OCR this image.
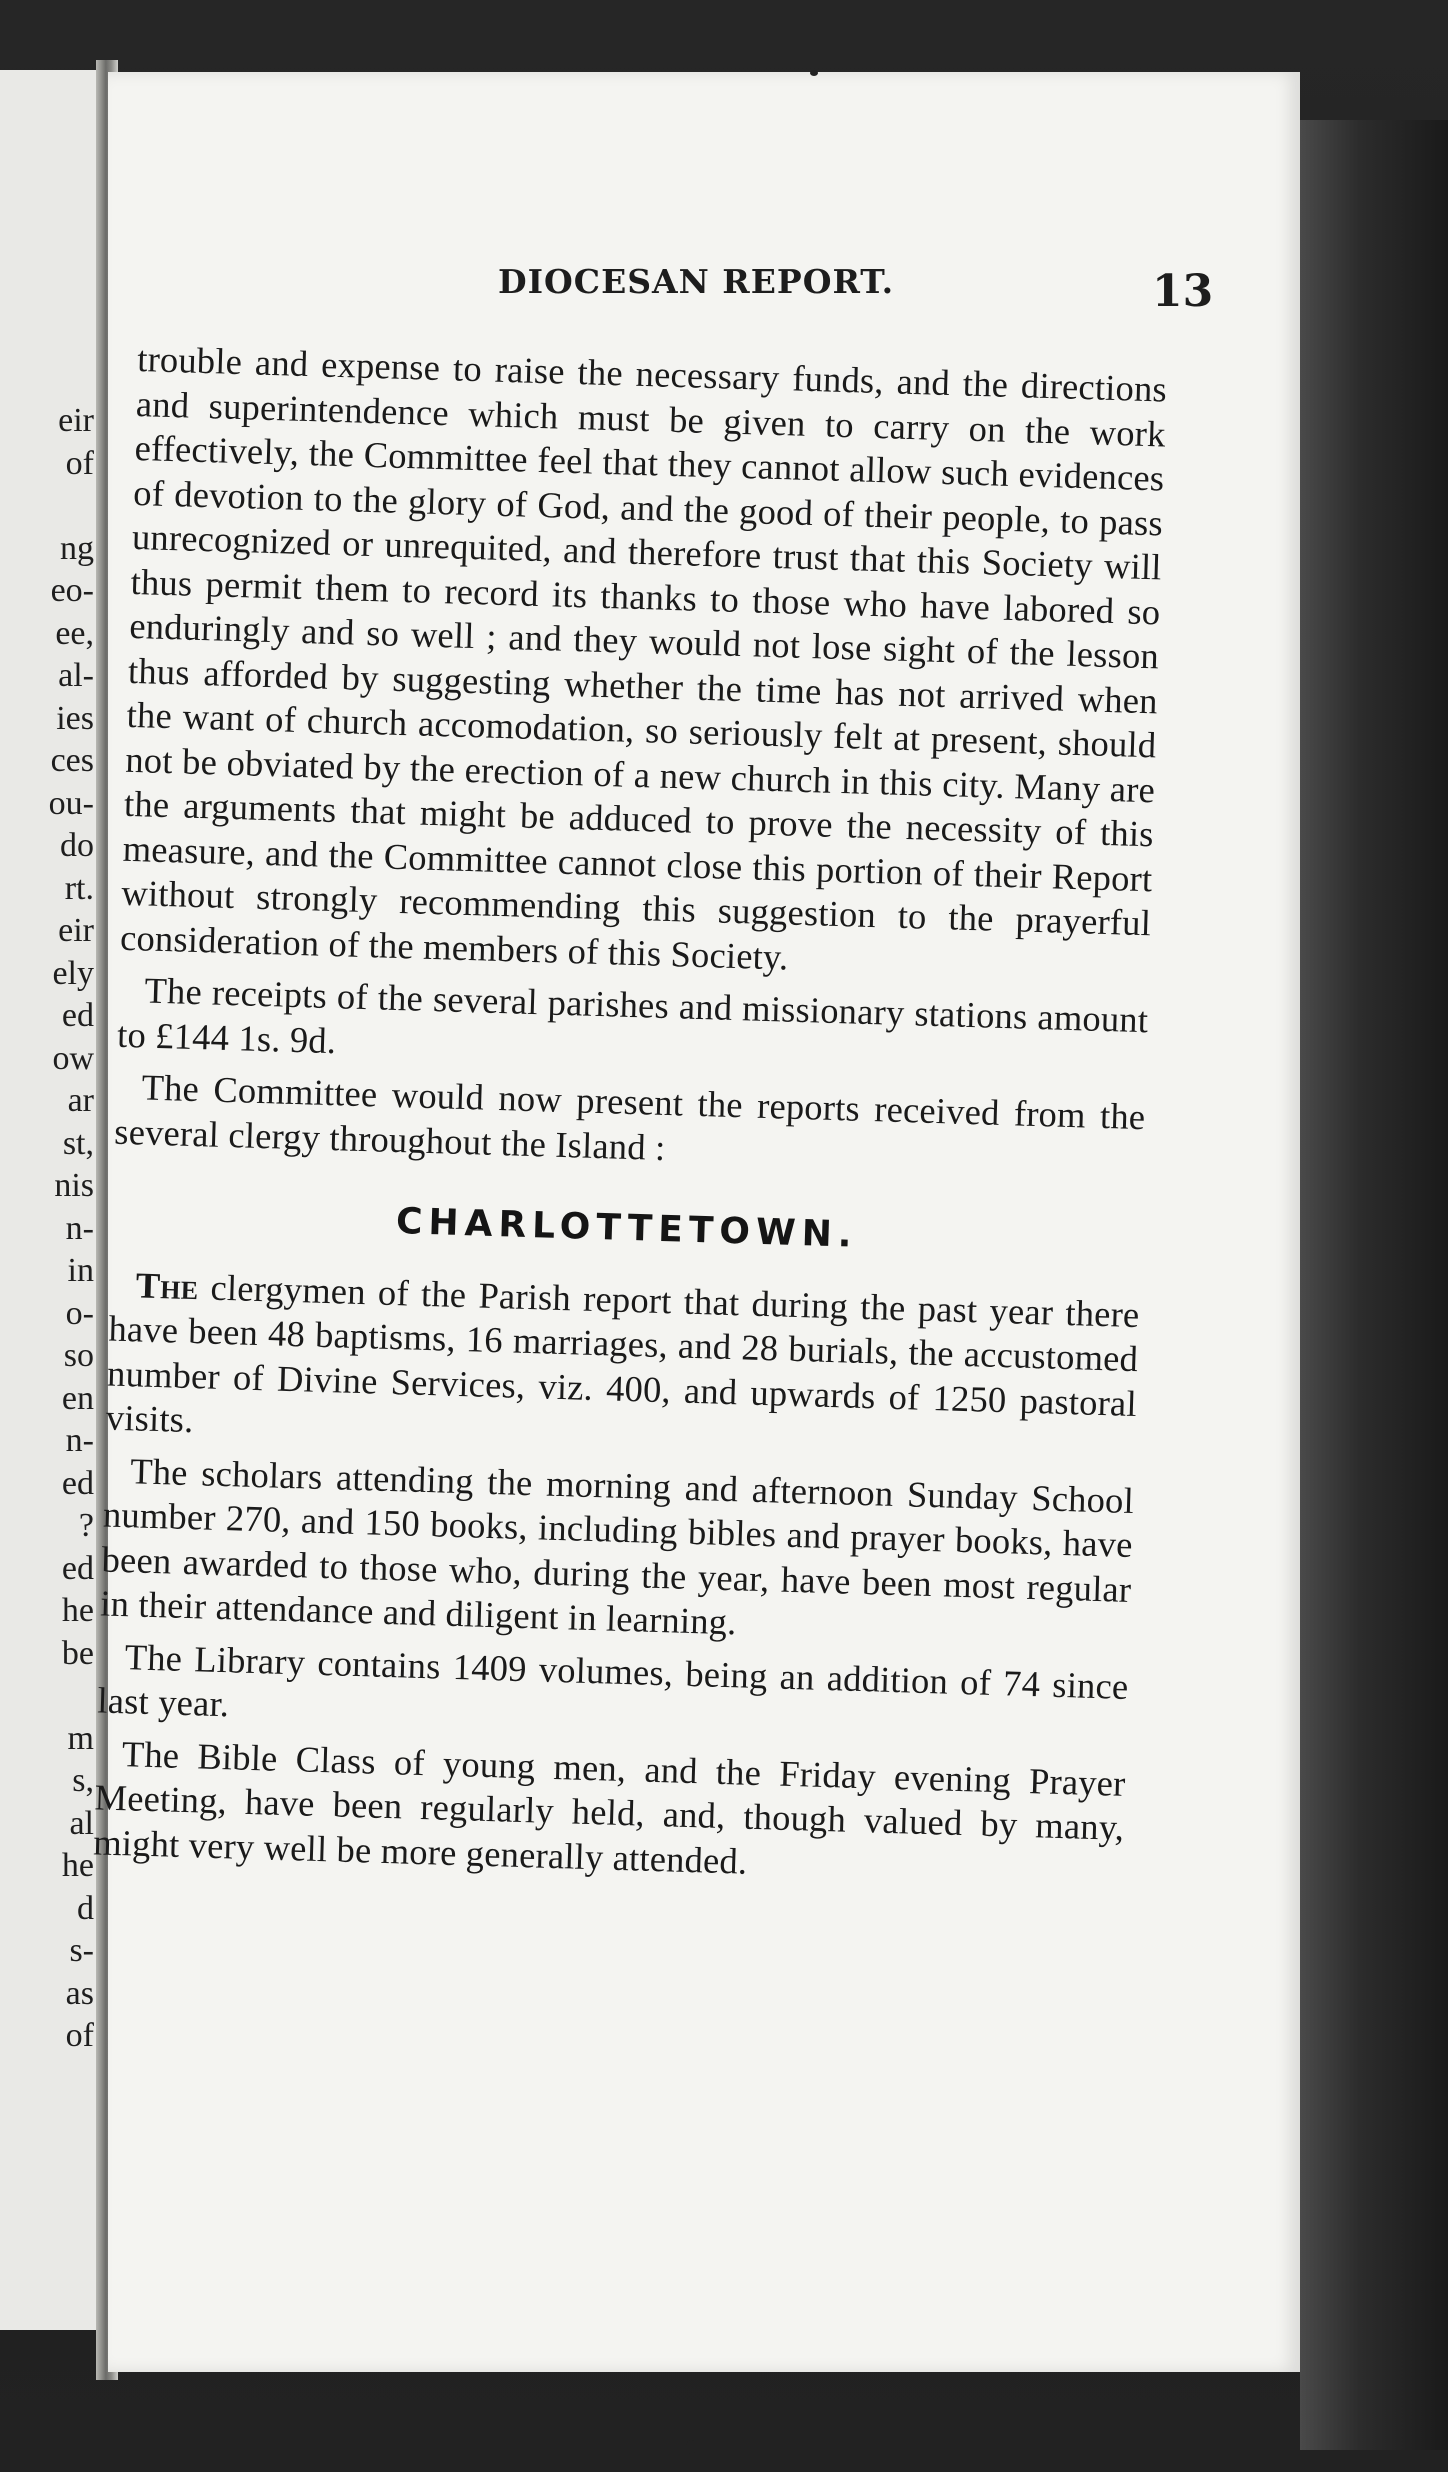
eir
of
ng
eo-
ee,
al-
ies
ces
ou-
do
rt.
eir
ely
ed
ow
ar
st,
nis
n-
in
o-
so
en
n-
ed
?
ed
he
be
m
s,
al
he
d
s-
as
of
DIOCESAN REPORT.	13

trouble and expense to raise the necessary funds, and the directions and superintendence which must be given to carry on the work effectively, the Committee feel that they cannot allow such evidences of devotion to the glory of God, and the good of their people, to pass unrecognized or unrequited, and therefore trust that this Society will thus permit them to record its thanks to those who have labored so enduringly and so well ; and they would not lose sight of the lesson thus afforded by suggesting whether the time has not arrived when the want of church accomodation, so seriously felt at present, should not be obviated by the erection of a new church in this city. Many are the arguments that might be adduced to prove the necessity of this measure, and the Committee cannot close this portion of their Report without strongly recommending this suggestion to the prayerful consideration of the members of this Society.

The receipts of the several parishes and missionary stations amount to £144 1s. 9d.

The Committee would now present the reports received from the several clergy throughout the Island :

CHARLOTTETOWN.

The clergymen of the Parish report that during the past year there have been 48 baptisms, 16 marriages, and 28 burials, the accustomed number of Divine Services, viz. 400, and upwards of 1250 pastoral visits.

The scholars attending the morning and afternoon Sunday School number 270, and 150 books, including bibles and prayer books, have been awarded to those who, during the year, have been most regular in their attendance and diligent in learning.

The Library contains 1409 volumes, being an addition of 74 since last year.

The Bible Class of young men, and the Friday evening Prayer Meeting, have been regularly held, and, though valued by many, might very well be more generally attended.
